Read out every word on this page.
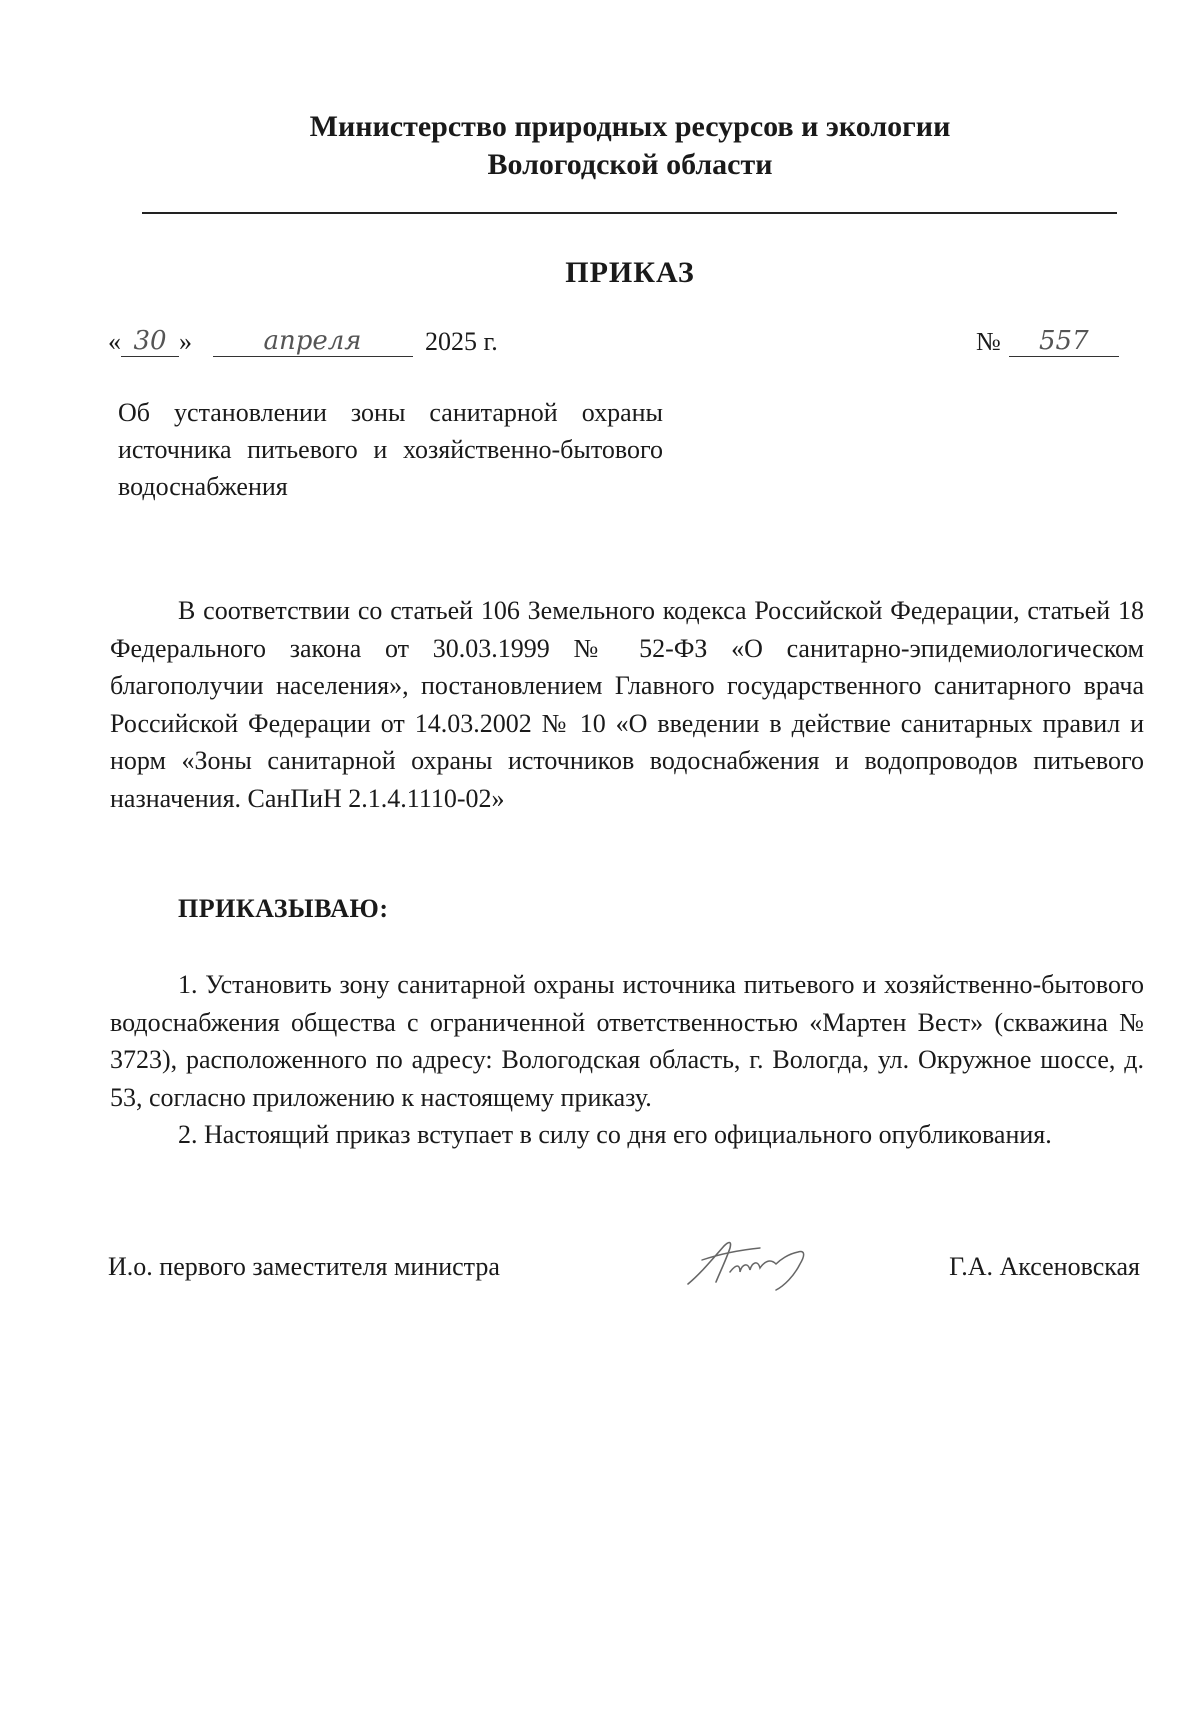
Министерство природных ресурсов и экологии
Вологодской области
ПРИКАЗ
« 30 »	апреля 2025 г.	№ 557
Об установлении зоны санитарной охраны источника питьевого и хозяйственно-бытового водоснабжения
В соответствии со статьей 106 Земельного кодекса Российской Федерации, статьей 18 Федерального закона от 30.03.1999 № 52-ФЗ «О санитарно-эпидемиологическом благополучии населения», постановлением Главного государственного санитарного врача Российской Федерации от 14.03.2002 № 10 «О введении в действие санитарных правил и норм «Зоны санитарной охраны источников водоснабжения и водопроводов питьевого назначения. СанПиН 2.1.4.1110-02»
ПРИКАЗЫВАЮ:
1. Установить зону санитарной охраны источника питьевого и хозяйственно-бытового водоснабжения общества с ограниченной ответственностью «Мартен Вест» (скважина № 3723), расположенного по адресу: Вологодская область, г. Вологда, ул. Окружное шоссе, д. 53, согласно приложению к настоящему приказу.
2. Настоящий приказ вступает в силу со дня его официального опубликования.
И.о. первого заместителя министра	Г.А. Аксеновская
